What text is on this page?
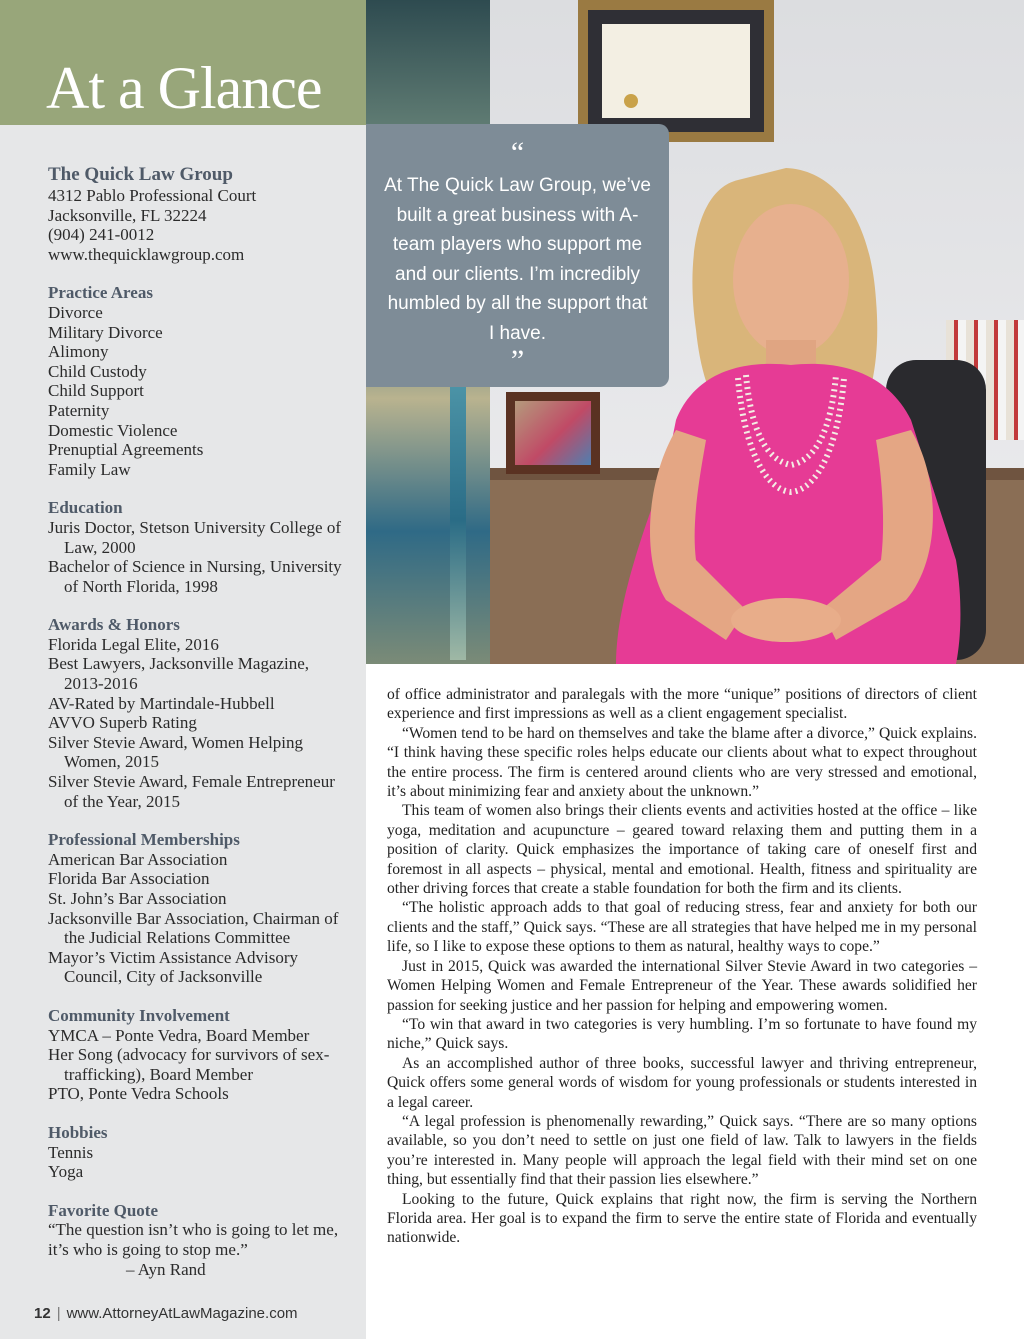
At a Glance
The Quick Law Group
4312 Pablo Professional Court
Jacksonville, FL 32224
(904) 241-0012
www.thequicklawgroup.com
Practice Areas
Divorce
Military Divorce
Alimony
Child Custody
Child Support
Paternity
Domestic Violence
Prenuptial Agreements
Family Law
Education
Juris Doctor, Stetson University College of Law, 2000
Bachelor of Science in Nursing, University of North Florida, 1998
Awards & Honors
Florida Legal Elite, 2016
Best Lawyers, Jacksonville Magazine, 2013-2016
AV-Rated by Martindale-Hubbell
AVVO Superb Rating
Silver Stevie Award, Women Helping Women, 2015
Silver Stevie Award, Female Entrepreneur of the Year, 2015
Professional Memberships
American Bar Association
Florida Bar Association
St. John’s Bar Association
Jacksonville Bar Association, Chairman of the Judicial Relations Committee
Mayor’s Victim Assistance Advisory Council, City of Jacksonville
Community Involvement
YMCA – Ponte Vedra, Board Member
Her Song (advocacy for survivors of sex-trafficking), Board Member
PTO, Ponte Vedra Schools
Hobbies
Tennis
Yoga
Favorite Quote
“The question isn’t who is going to let me, it’s who is going to stop me.”
– Ayn Rand
“
At The Quick Law Group, we’ve built a great business with A-team players who support me and our clients. I’m incredibly humbled by all the support that I have.
”

of office administrator and paralegals with the more “unique” positions of directors of client experience and first impressions as well as a client engagement specialist.

“Women tend to be hard on themselves and take the blame after a divorce,” Quick explains. “I think having these specific roles helps educate our clients about what to expect throughout the entire process. The firm is centered around clients who are very stressed and emotional, it’s about minimizing fear and anxiety about the unknown.”

This team of women also brings their clients events and activities hosted at the office – like yoga, meditation and acupuncture – geared toward relaxing them and putting them in a position of clarity. Quick emphasizes the importance of taking care of oneself first and foremost in all aspects – physical, mental and emotional. Health, fitness and spirituality are other driving forces that create a stable foundation for both the firm and its clients.

“The holistic approach adds to that goal of reducing stress, fear and anxiety for both our clients and the staff,” Quick says. “These are all strategies that have helped me in my personal life, so I like to expose these options to them as natural, healthy ways to cope.”

Just in 2015, Quick was awarded the international Silver Stevie Award in two categories – Women Helping Women and Female Entrepreneur of the Year. These awards solidified her passion for seeking justice and her passion for helping and empowering women.

“To win that award in two categories is very humbling. I’m so fortunate to have found my niche,” Quick says.

As an accomplished author of three books, successful lawyer and thriving entrepreneur, Quick offers some general words of wisdom for young professionals or students interested in a legal career.

“A legal profession is phenomenally rewarding,” Quick says. “There are so many options available, so you don’t need to settle on just one field of law. Talk to lawyers in the fields you’re interested in. Many people will approach the legal field with their mind set on one thing, but essentially find that their passion lies elsewhere.”

Looking to the future, Quick explains that right now, the firm is serving the Northern Florida area. Her goal is to expand the firm to serve the entire state of Florida and eventually nationwide.

12 | www.AttorneyAtLawMagazine.com
